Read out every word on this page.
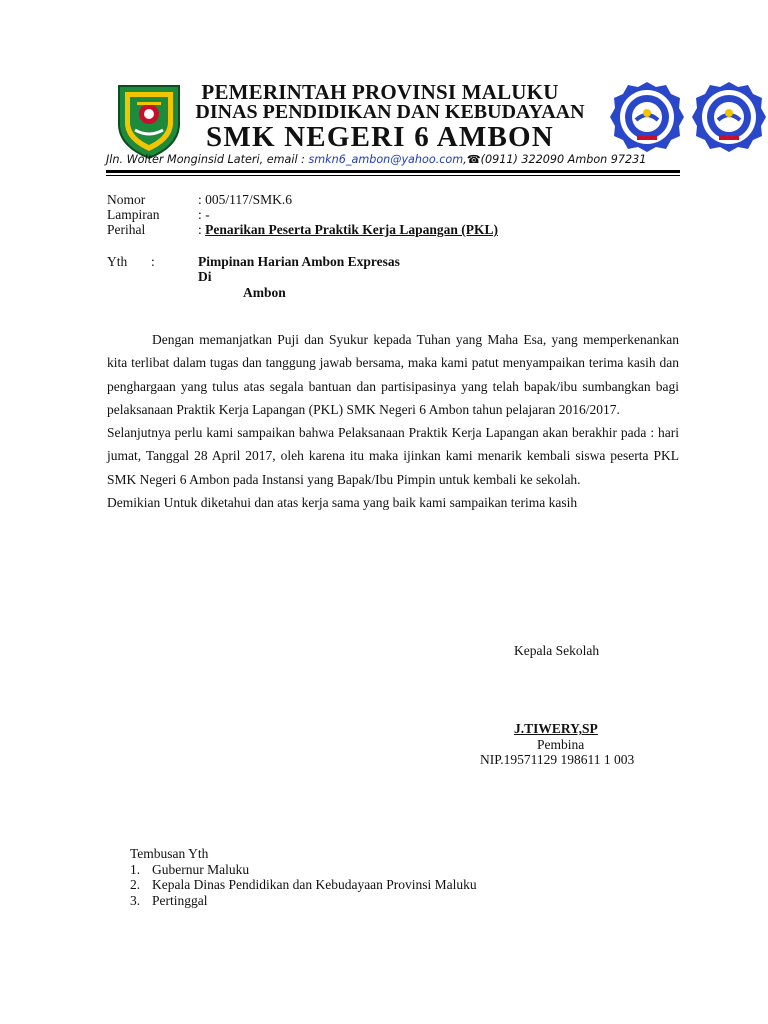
PEMERINTAH PROVINSI MALUKU
DINAS PENDIDIKAN DAN KEBUDAYAAN
SMK NEGERI 6 AMBON
Jln. Wolter Monginsid Lateri, email : smkn6_ambon@yahoo.com,☎(0911) 322090 Ambon 97231
Nomor	: 005/117/SMK.6
Lampiran	: -
Perihal	: Penarikan Peserta Praktik Kerja Lapangan (PKL)
Yth :	Pimpinan Harian Ambon Expresas
Di
Ambon

Dengan memanjatkan Puji dan Syukur kepada Tuhan yang Maha Esa, yang memperkenankan kita terlibat dalam tugas dan tanggung jawab bersama, maka kami patut menyampaikan terima kasih dan penghargaan yang tulus atas segala bantuan dan partisipasinya yang telah bapak/ibu sumbangkan bagi pelaksanaan Praktik Kerja Lapangan (PKL) SMK Negeri 6 Ambon tahun pelajaran 2016/2017.

Selanjutnya perlu kami sampaikan bahwa Pelaksanaan Praktik Kerja Lapangan akan berakhir pada : hari jumat, Tanggal 28 April 2017, oleh karena itu maka ijinkan kami menarik kembali siswa peserta PKL SMK Negeri 6 Ambon pada Instansi yang Bapak/Ibu Pimpin untuk kembali ke sekolah.

Demikian Untuk diketahui dan atas kerja sama yang baik kami sampaikan terima kasih

Kepala Sekolah
J.TIWERY,SP
Pembina
NIP.19571129 198611 1 003
Tembusan Yth
1. Gubernur Maluku
2. Kepala Dinas Pendidikan dan Kebudayaan Provinsi Maluku
3. Pertinggal
